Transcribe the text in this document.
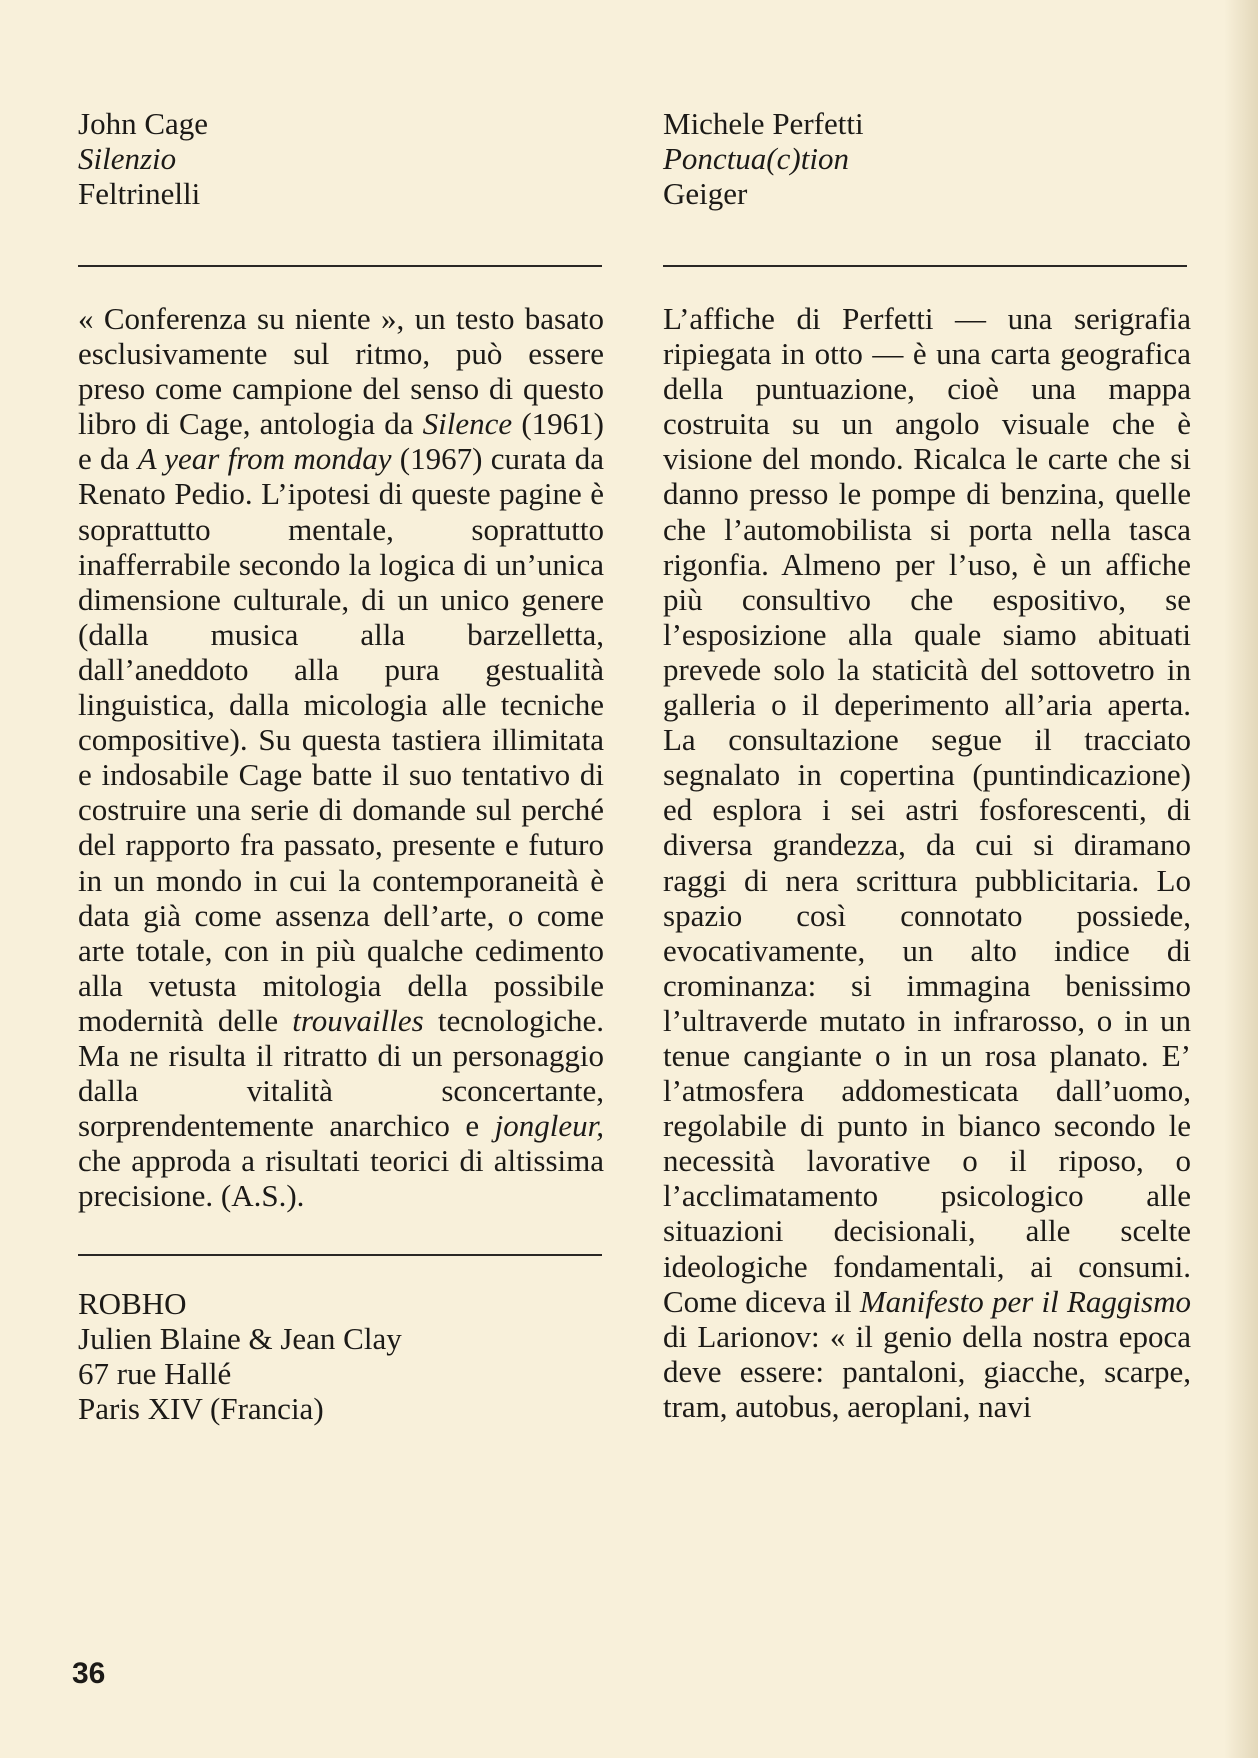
John Cage
Silenzio
Feltrinelli

« Conferenza su niente », un testo basato esclusivamente sul ritmo, può essere preso come campione del senso di questo libro di Cage, antologia da Silence (1961) e da A year from monday (1967) curata da Renato Pedio. L’ipotesi di queste pagine è soprattutto mentale, soprattutto inafferrabile secondo la logica di un’unica dimensione culturale, di un unico genere (dalla musica alla barzelletta, dall’aneddoto alla pura gestualità linguistica, dalla micologia alle tecniche compositive). Su questa tastiera illimitata e indosabile Cage batte il suo tentativo di costruire una serie di domande sul perché del rapporto fra passato, presente e futuro in un mondo in cui la contemporaneità è data già come assenza dell’arte, o come arte totale, con in più qualche cedimento alla vetusta mitologia della possibile modernità delle trouvailles tecnologiche. Ma ne risulta il ritratto di un personaggio dalla vitalità sconcertante, sorprendentemente anarchico e jongleur, che approda a risultati teorici di altissima precisione. (A.S.).

ROBHO
Julien Blaine & Jean Clay
67 rue Hallé
Paris XIV (Francia)
Michele Perfetti
Ponctua(c)tion
Geiger

L’affiche di Perfetti — una serigrafia ripiegata in otto — è una carta geografica della puntuazione, cioè una mappa costruita su un angolo visuale che è visione del mondo. Ricalca le carte che si danno presso le pompe di benzina, quelle che l’automobilista si porta nella tasca rigonfia. Almeno per l’uso, è un affiche più consultivo che espositivo, se l’esposizione alla quale siamo abituati prevede solo la staticità del sottovetro in galleria o il deperimento all’aria aperta. La consultazione segue il tracciato segnalato in copertina (puntindicazione) ed esplora i sei astri fosforescenti, di diversa grandezza, da cui si diramano raggi di nera scrittura pubblicitaria. Lo spazio così connotato possiede, evocativamente, un alto indice di crominanza: si immagina benissimo l’ultraverde mutato in infrarosso, o in un tenue cangiante o in un rosa planato. E’ l’atmosfera addomesticata dall’uomo, regolabile di punto in bianco secondo le necessità lavorative o il riposo, o l’acclimatamento psicologico alle situazioni decisionali, alle scelte ideologiche fondamentali, ai consumi. Come diceva il Manifesto per il Raggismo di Larionov: « il genio della nostra epoca deve essere: pantaloni, giacche, scarpe, tram, autobus, aeroplani, navi

36
